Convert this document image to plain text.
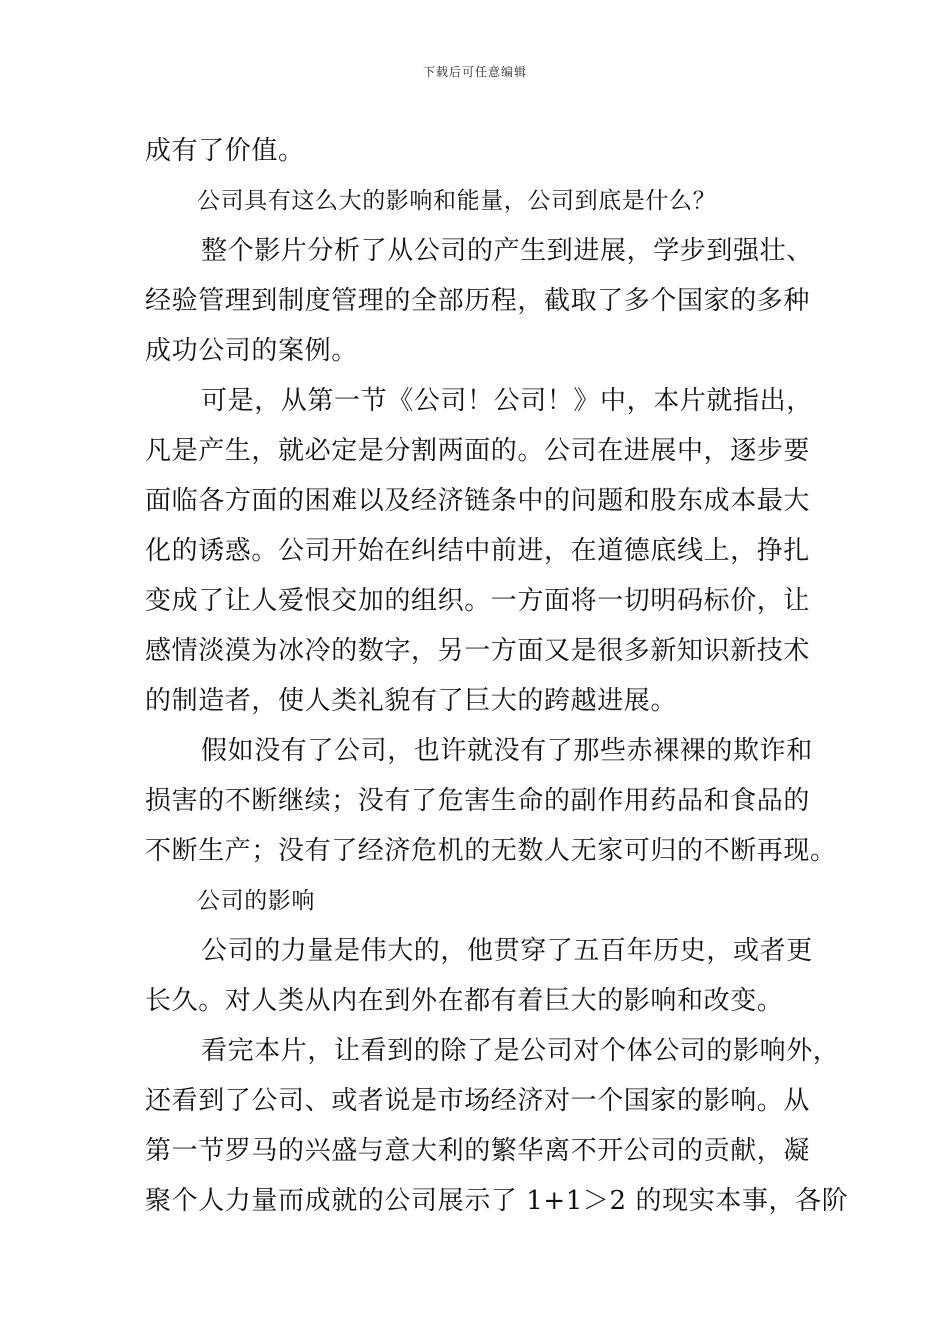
下载后可任意编辑
成有了价值。
公司具有这么大的影响和能量，公司到底是什么？
整个影片分析了从公司的产生到进展，学步到强壮、
经验管理到制度管理的全部历程，截取了多个国家的多种
成功公司的案例。
可是，从第一节《公司！公司！》中，本片就指出，
凡是产生，就必定是分割两面的。公司在进展中，逐步要
面临各方面的困难以及经济链条中的问题和股东成本最大
化的诱惑。公司开始在纠结中前进，在道德底线上，挣扎
变成了让人爱恨交加的组织。一方面将一切明码标价，让
感情淡漠为冰冷的数字，另一方面又是很多新知识新技术
的制造者，使人类礼貌有了巨大的跨越进展。
假如没有了公司，也许就没有了那些赤裸裸的欺诈和
损害的不断继续；没有了危害生命的副作用药品和食品的
不断生产；没有了经济危机的无数人无家可归的不断再现。
公司的影响
公司的力量是伟大的，他贯穿了五百年历史，或者更
长久。对人类从内在到外在都有着巨大的影响和改变。
看完本片，让看到的除了是公司对个体公司的影响外，
还看到了公司、或者说是市场经济对一个国家的影响。从
第一节罗马的兴盛与意大利的繁华离不开公司的贡献，凝
聚个人力量而成就的公司展示了 1+1＞2 的现实本事，各阶
